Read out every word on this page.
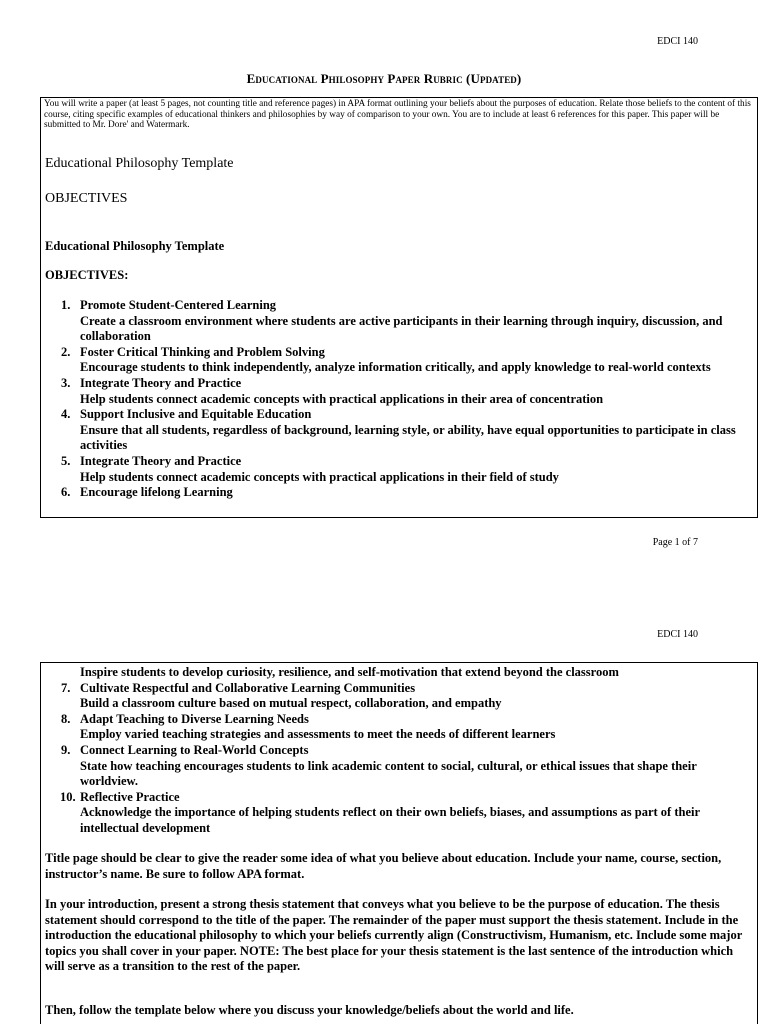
EDCI 140
Educational Philosophy Paper Rubric (Updated)
You will write a paper (at least 5 pages, not counting title and reference pages) in APA format outlining your beliefs about the purposes of education. Relate those beliefs to the content of this course, citing specific examples of educational thinkers and philosophies by way of comparison to your own. You are to include at least 6 references for this paper. This paper will be submitted to Mr. Dore' and Watermark.
Educational Philosophy Template
OBJECTIVES
Educational Philosophy Template
OBJECTIVES:
1. Promote Student-Centered Learning
Create a classroom environment where students are active participants in their learning through inquiry, discussion, and collaboration
2. Foster Critical Thinking and Problem Solving
Encourage students to think independently, analyze information critically, and apply knowledge to real-world contexts
3. Integrate Theory and Practice
Help students connect academic concepts with practical applications in their area of concentration
4. Support Inclusive and Equitable Education
Ensure that all students, regardless of background, learning style, or ability, have equal opportunities to participate in class activities
5. Integrate Theory and Practice
Help students connect academic concepts with practical applications in their field of study
6. Encourage lifelong Learning
Page 1 of 7
EDCI 140
Inspire students to develop curiosity, resilience, and self-motivation that extend beyond the classroom
7. Cultivate Respectful and Collaborative Learning Communities
Build a classroom culture based on mutual respect, collaboration, and empathy
8. Adapt Teaching to Diverse Learning Needs
Employ varied teaching strategies and assessments to meet the needs of different learners
9. Connect Learning to Real-World Concepts
State how teaching encourages students to link academic content to social, cultural, or ethical issues that shape their worldview.
10. Reflective Practice
Acknowledge the importance of helping students reflect on their own beliefs, biases, and assumptions as part of their intellectual development

Title page should be clear to give the reader some idea of what you believe about education. Include your name, course, section, instructor’s name. Be sure to follow APA format.

In your introduction, present a strong thesis statement that conveys what you believe to be the purpose of education. The thesis statement should correspond to the title of the paper. The remainder of the paper must support the thesis statement. Include in the introduction the educational philosophy to which your beliefs currently align (Constructivism, Humanism, etc. Include some major topics you shall cover in your paper. NOTE: The best place for your thesis statement is the last sentence of the introduction which will serve as a transition to the rest of the paper.

Then, follow the template below where you discuss your knowledge/beliefs about the world and life.
